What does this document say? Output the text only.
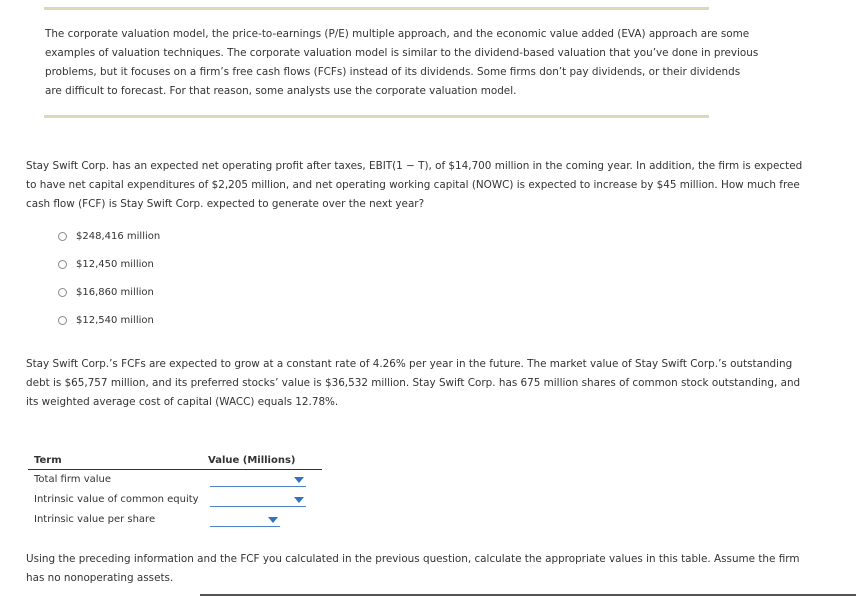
The corporate valuation model, the price-to-earnings (P/E) multiple approach, and the economic value added (EVA) approach are some
examples of valuation techniques. The corporate valuation model is similar to the dividend-based valuation that you’ve done in previous
problems, but it focuses on a firm’s free cash flows (FCFs) instead of its dividends. Some firms don’t pay dividends, or their dividends
are difficult to forecast. For that reason, some analysts use the corporate valuation model.
Stay Swift Corp. has an expected net operating profit after taxes, EBIT(1 − T), of $14,700 million in the coming year. In addition, the firm is expected
to have net capital expenditures of $2,205 million, and net operating working capital (NOWC) is expected to increase by $45 million. How much free
cash flow (FCF) is Stay Swift Corp. expected to generate over the next year?
$248,416 million
$12,450 million
$16,860 million
$12,540 million
Stay Swift Corp.’s FCFs are expected to grow at a constant rate of 4.26% per year in the future. The market value of Stay Swift Corp.’s outstanding
debt is $65,757 million, and its preferred stocks’ value is $36,532 million. Stay Swift Corp. has 675 million shares of common stock outstanding, and
its weighted average cost of capital (WACC) equals 12.78%.
Term	Value (Millions)
Total firm value
Intrinsic value of common equity
Intrinsic value per share
Using the preceding information and the FCF you calculated in the previous question, calculate the appropriate values in this table. Assume the firm
has no nonoperating assets.
